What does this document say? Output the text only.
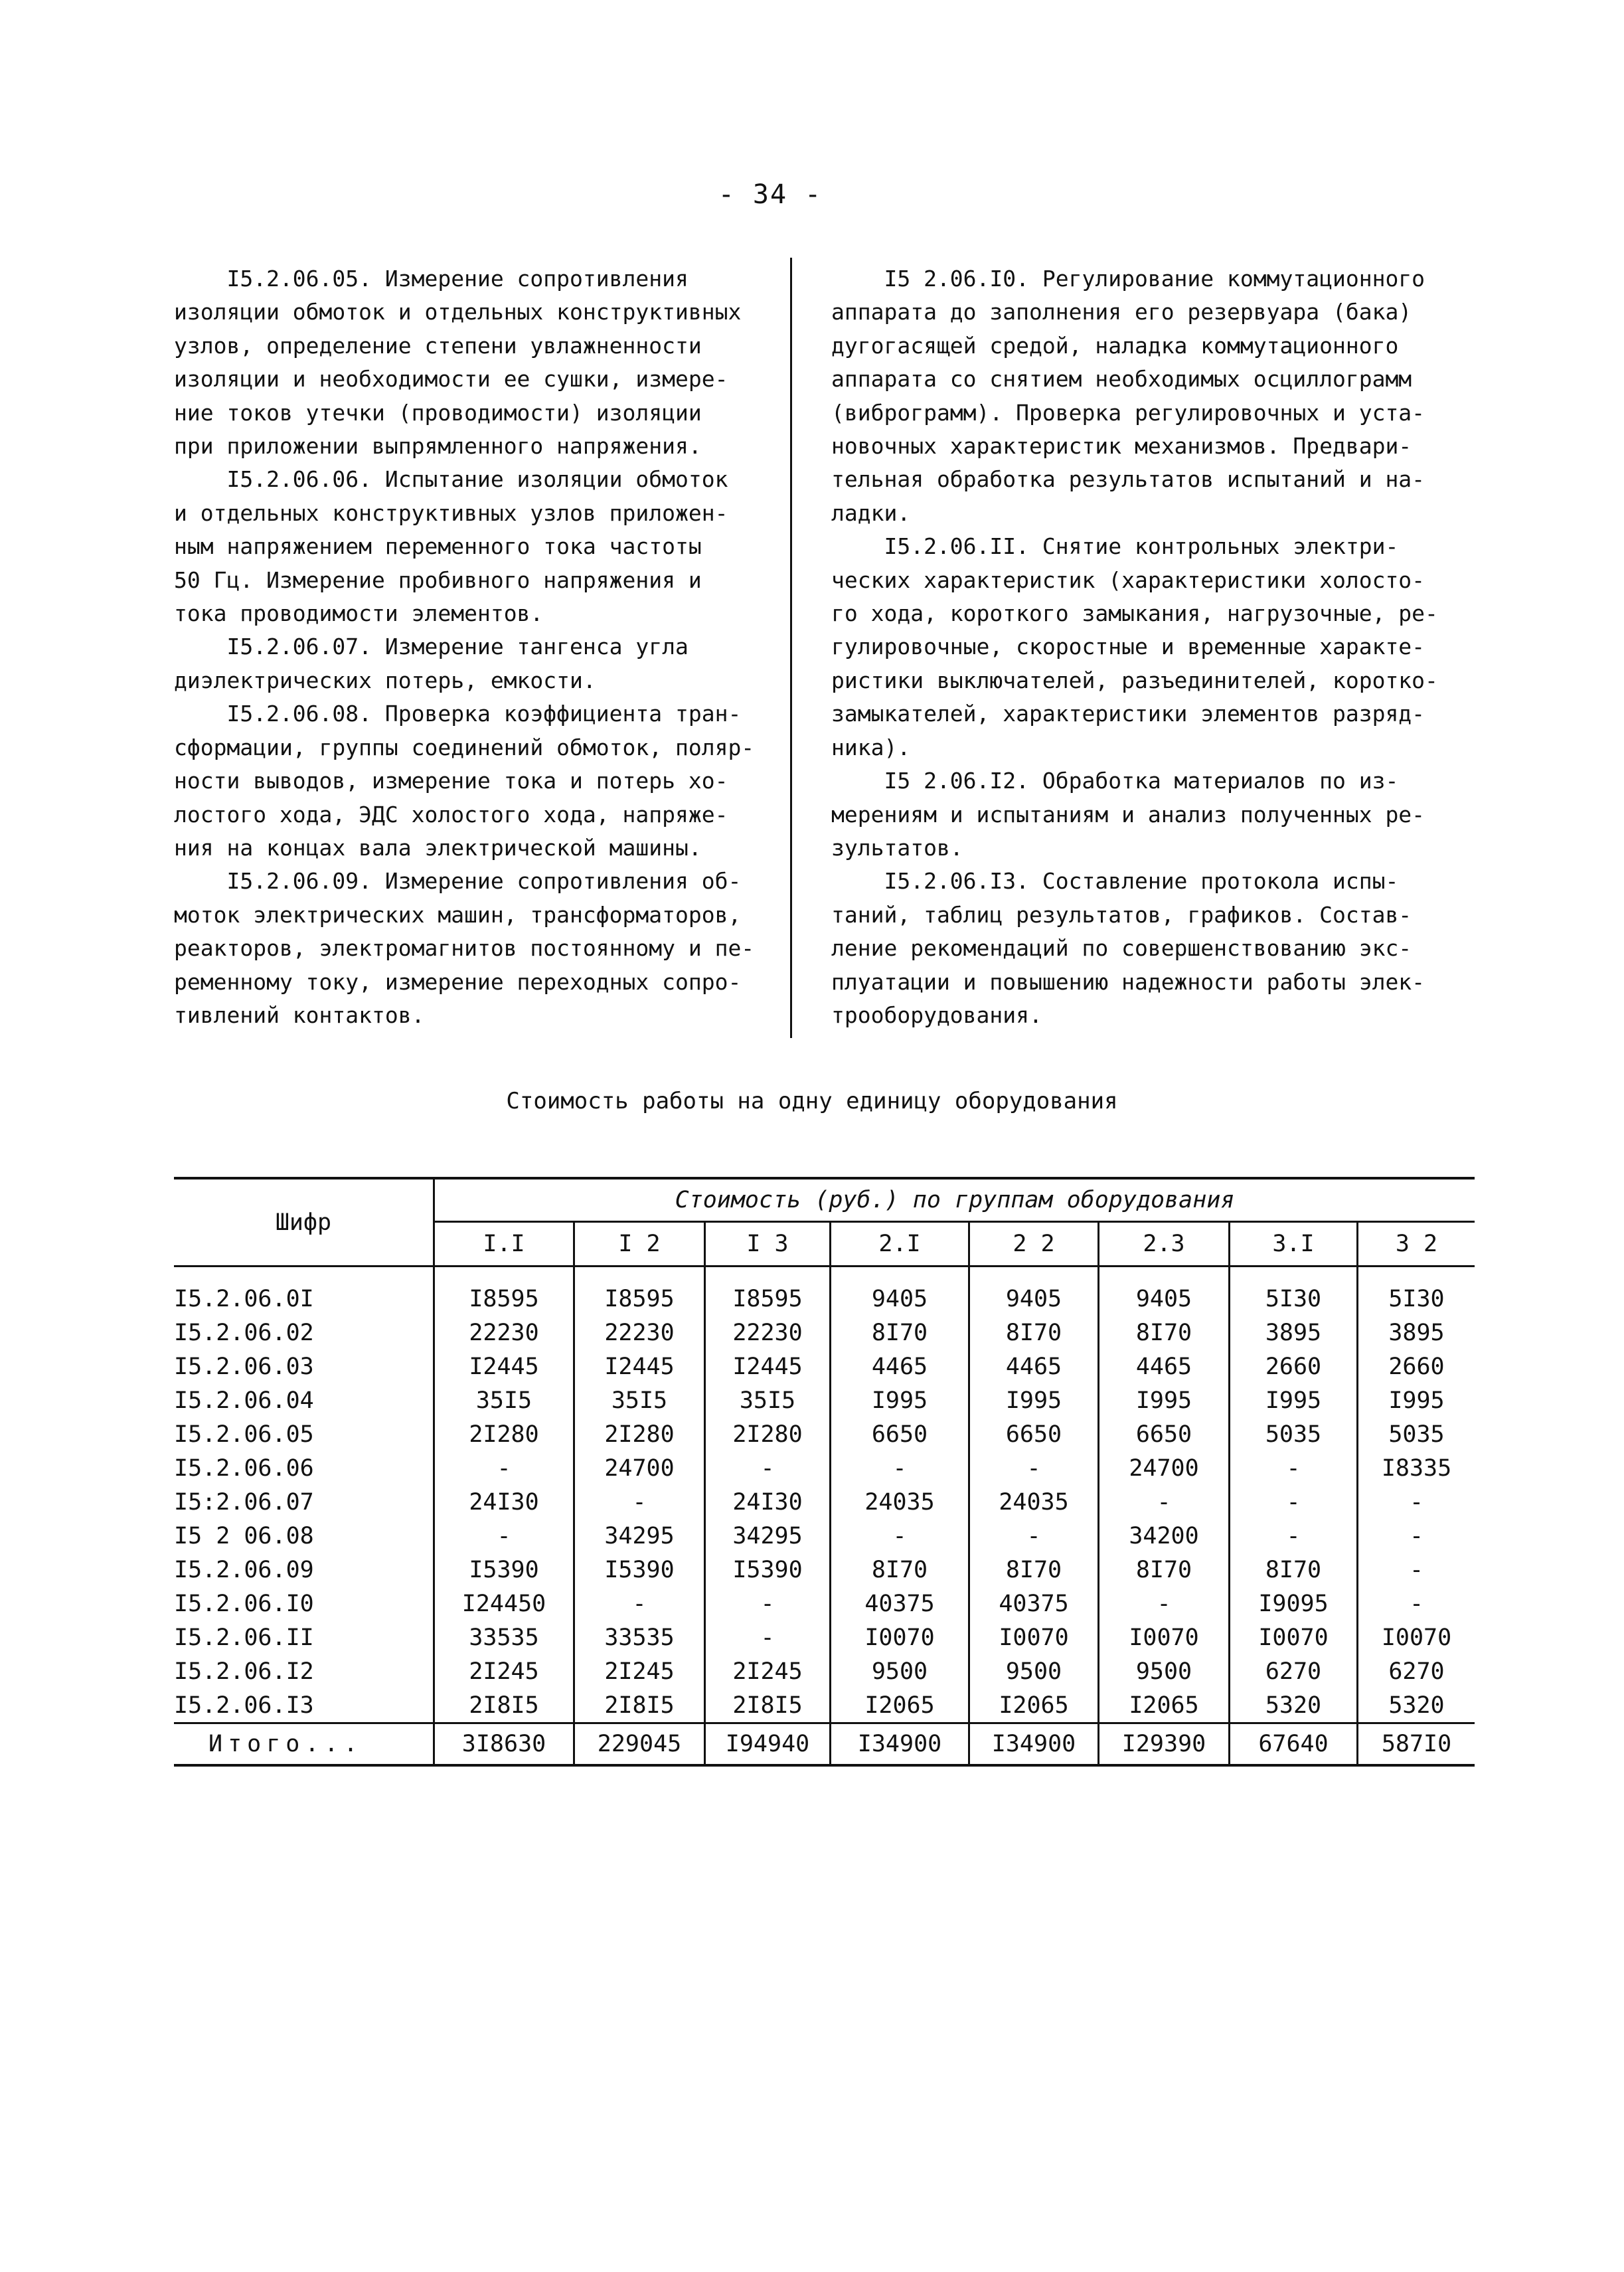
- 34 -
I5.2.06.05. Измерение сопротивления
изоляции обмоток и отдельных конструктивных
узлов, определение степени увлажненности
изоляции и необходимости ее сушки, измере-
ние токов утечки (проводимости) изоляции
при приложении выпрямленного напряжения.
I5.2.06.06. Испытание изоляции обмоток
и отдельных конструктивных узлов приложен-
ным напряжением переменного тока частоты
50 Гц. Измерение пробивного напряжения и
тока проводимости элементов.
I5.2.06.07. Измерение тангенса угла
диэлектрических потерь, емкости.
I5.2.06.08. Проверка коэффициента тран-
сформации, группы соединений обмоток, поляр-
ности выводов, измерение тока и потерь хо-
лостого хода, ЭДС холостого хода, напряже-
ния на концах вала электрической машины.
I5.2.06.09. Измерение сопротивления об-
моток электрических машин, трансформаторов,
реакторов, электромагнитов постоянному и пе-
ременному току, измерение переходных сопро-
тивлений контактов.
I5 2.06.I0. Регулирование коммутационного
аппарата до заполнения его резервуара (бака)
дугогасящей средой, наладка коммутационного
аппарата со снятием необходимых осциллограмм
(виброграмм). Проверка регулировочных и уста-
новочных характеристик механизмов. Предвари-
тельная обработка результатов испытаний и на-
ладки.
I5.2.06.II. Снятие контрольных электри-
ческих характеристик (характеристики холосто-
го хода, короткого замыкания, нагрузочные, ре-
гулировочные, скоростные и временные характе-
ристики выключателей, разъединителей, коротко-
замыкателей, характеристики элементов разряд-
ника).
I5 2.06.I2. Обработка материалов по из-
мерениям и испытаниям и анализ полученных ре-
зультатов.
I5.2.06.I3. Составление протокола испы-
таний, таблиц результатов, графиков. Состав-
ление рекомендаций по совершенствованию экс-
плуатации и повышению надежности работы элек-
трооборудования.
Стоимость работы на одну единицу оборудования
Шифр	Стоимость (руб.) по группам оборудования							
	I.I	I 2	I 3	2.I	2 2	2.3	3.I	3 2
I5.2.06.0I	I8595	I8595	I8595	9405	9405	9405	5I30	5I30
I5.2.06.02	22230	22230	22230	8I70	8I70	8I70	3895	3895
I5.2.06.03	I2445	I2445	I2445	4465	4465	4465	2660	2660
I5.2.06.04	35I5	35I5	35I5	I995	I995	I995	I995	I995
I5.2.06.05	2I280	2I280	2I280	6650	6650	6650	5035	5035
I5.2.06.06	-	24700	-	-	-	24700	-	I8335
I5:2.06.07	24I30	-	24I30	24035	24035	-	-	-
I5 2 06.08	-	34295	34295	-	-	34200	-	-
I5.2.06.09	I5390	I5390	I5390	8I70	8I70	8I70	8I70	-
I5.2.06.I0	I24450	-	-	40375	40375	-	I9095	-
I5.2.06.II	33535	33535	-	I0070	I0070	I0070	I0070	I0070
I5.2.06.I2	2I245	2I245	2I245	9500	9500	9500	6270	6270
I5.2.06.I3	2I8I5	2I8I5	2I8I5	I2065	I2065	I2065	5320	5320
Итого...	3I8630	229045	I94940	I34900	I34900	I29390	67640	587I0
